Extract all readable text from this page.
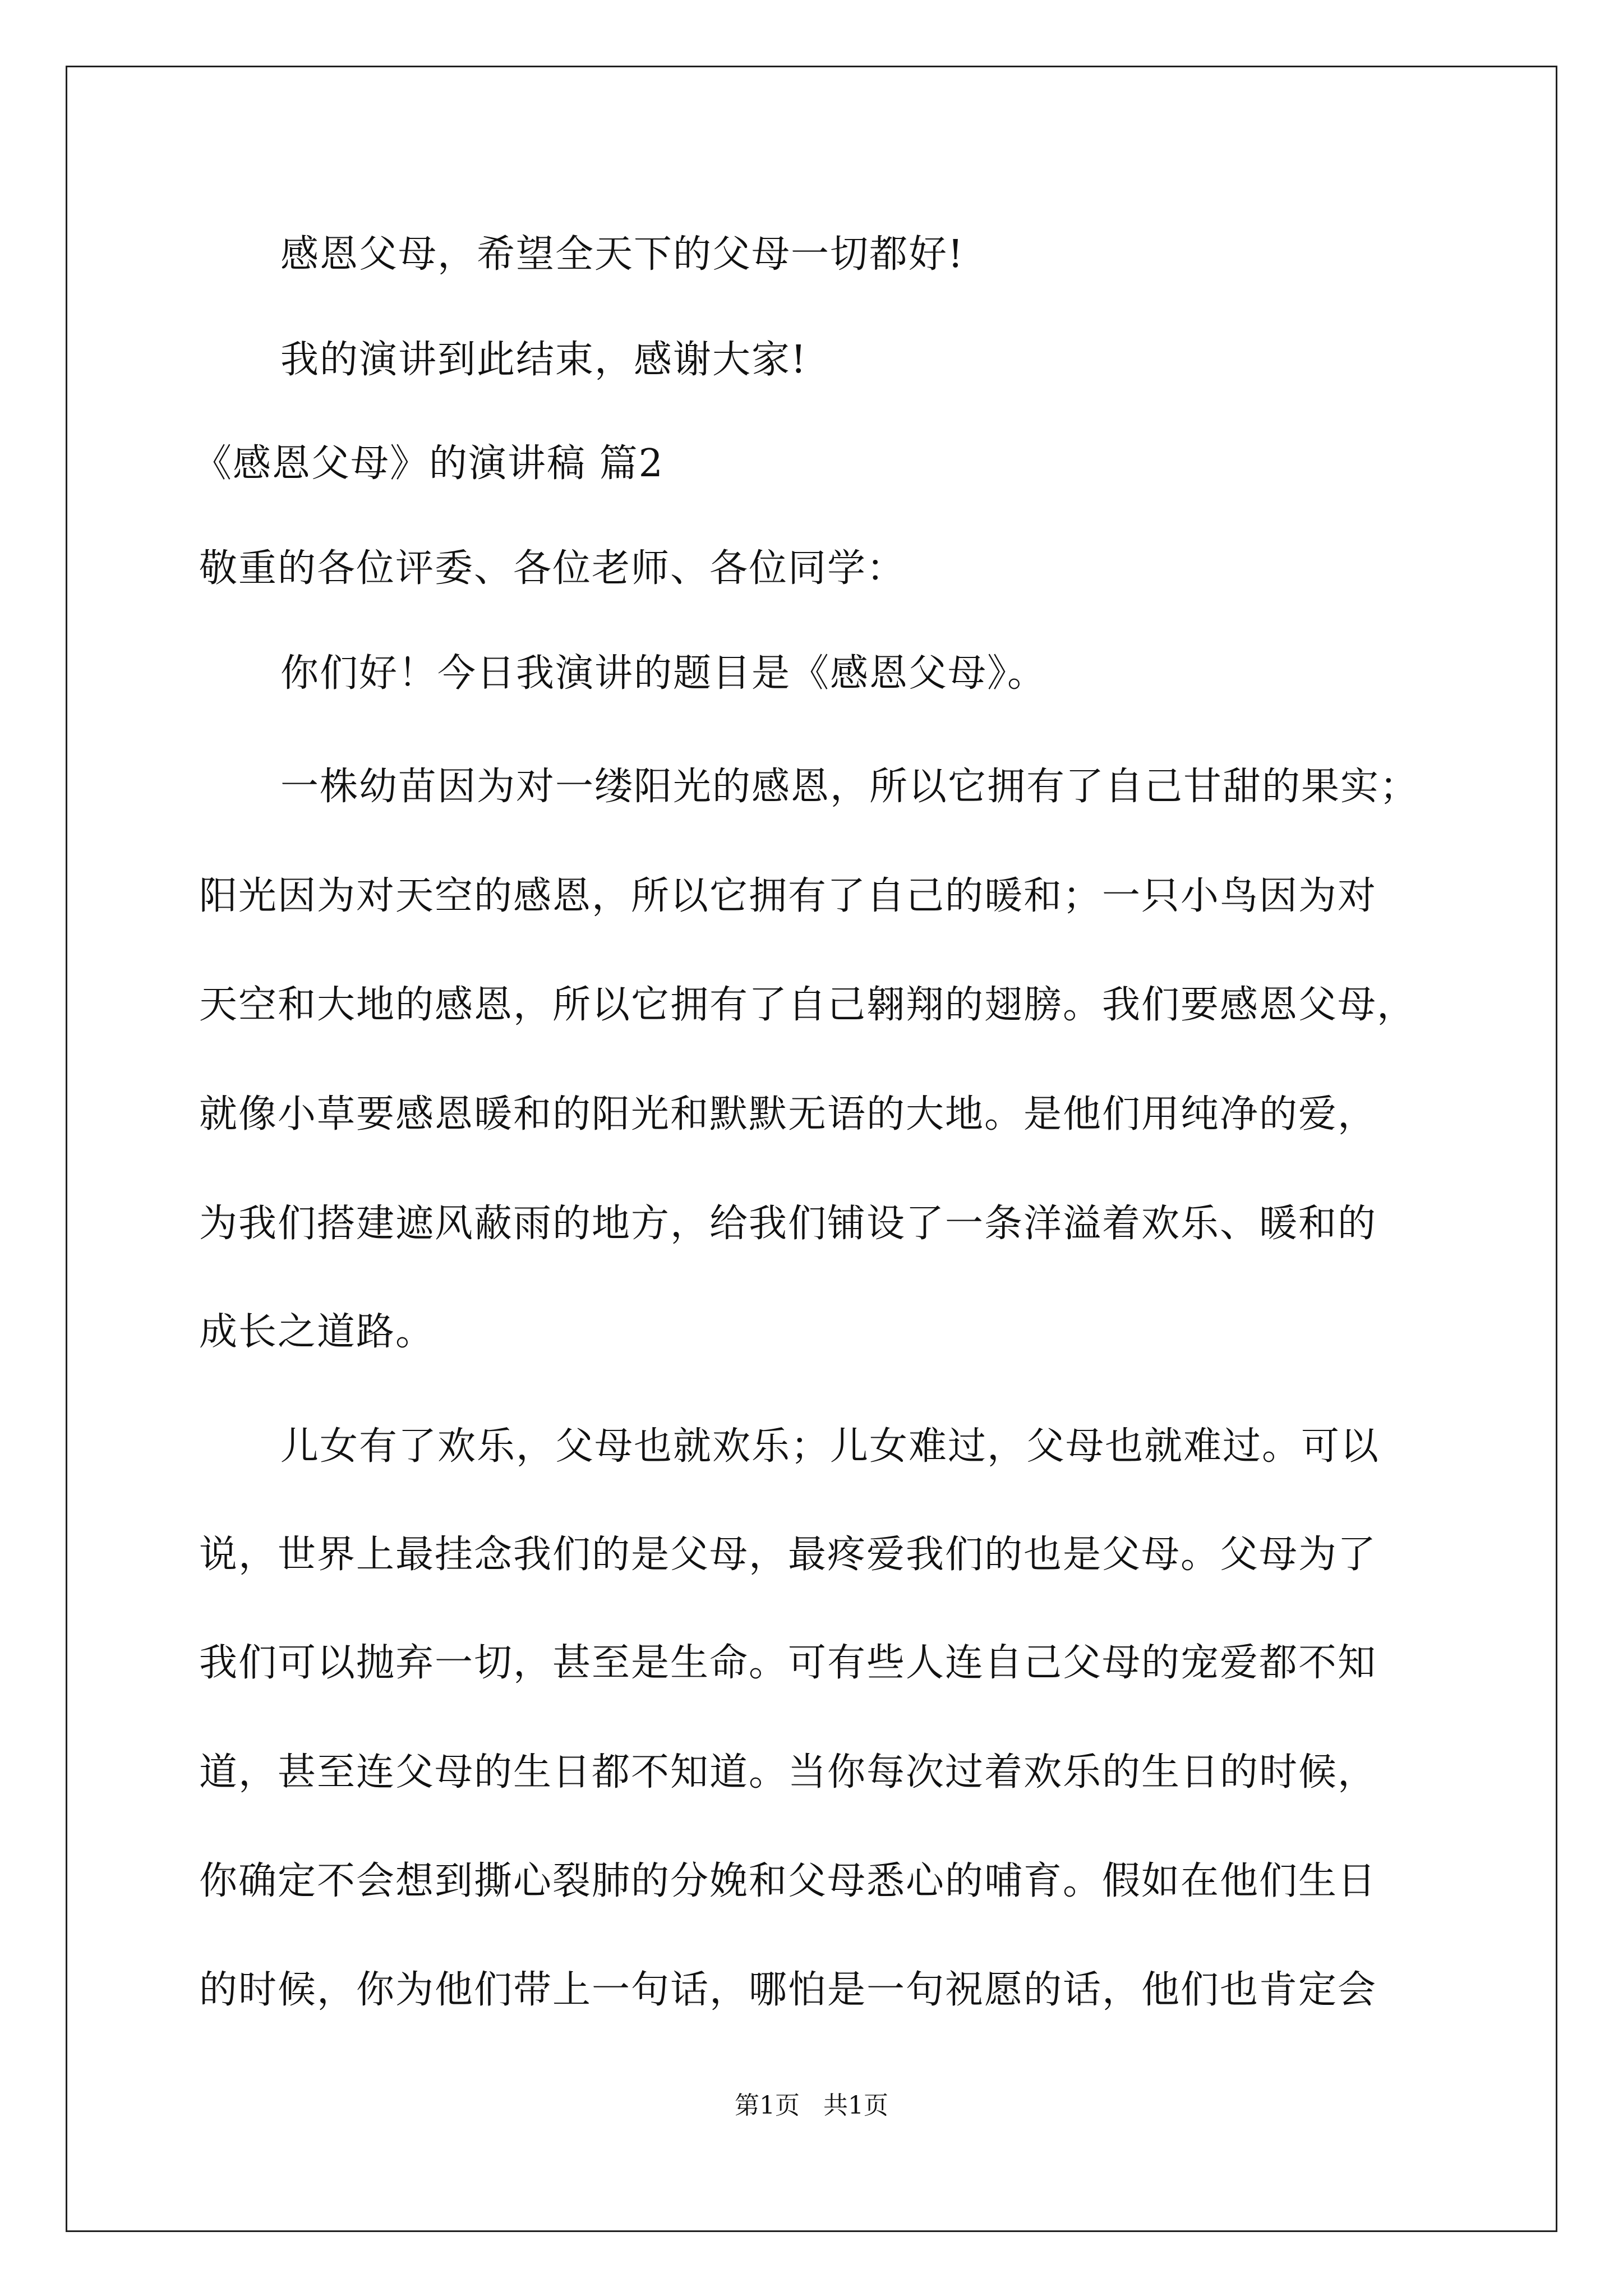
感恩父母，希望全天下的父母一切都好!
我的演讲到此结束，感谢大家!
《感恩父母》的演讲稿 篇2
敬重的各位评委、各位老师、各位同学：
你们好！今日我演讲的题目是《感恩父母》。
一株幼苗因为对一缕阳光的感恩，所以它拥有了自己甘甜的果实；
阳光因为对天空的感恩，所以它拥有了自己的暖和；一只小鸟因为对
天空和大地的感恩，所以它拥有了自己翱翔的翅膀。我们要感恩父母，
就像小草要感恩暖和的阳光和默默无语的大地。是他们用纯净的爱，
为我们搭建遮风蔽雨的地方，给我们铺设了一条洋溢着欢乐、暖和的
成长之道路。
儿女有了欢乐，父母也就欢乐；儿女难过，父母也就难过。可以
说，世界上最挂念我们的是父母，最疼爱我们的也是父母。父母为了
我们可以抛弃一切，甚至是生命。可有些人连自己父母的宠爱都不知
道，甚至连父母的生日都不知道。当你每次过着欢乐的生日的时候，
你确定不会想到撕心裂肺的分娩和父母悉心的哺育。假如在他们生日
的时候，你为他们带上一句话，哪怕是一句祝愿的话，他们也肯定会
第1页   共1页
